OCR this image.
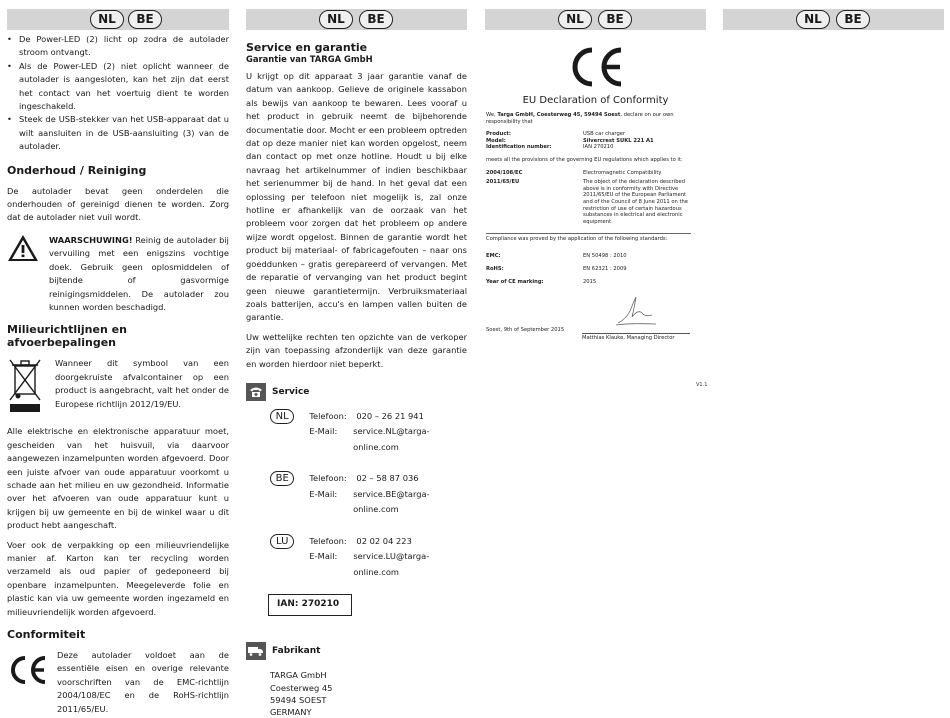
NL	BE
• De Power-LED (2) licht op zodra de autolader stroom ontvangt.
• Als de Power-LED (2) niet oplicht wanneer de autolader is aangesloten, kan het zijn dat eerst het contact van het voertuig dient te worden ingeschakeld.
• Steek de USB-stekker van het USB-apparaat dat u wilt aansluiten in de USB-aansluiting (3) van de autolader.
Onderhoud / Reiniging

De autolader bevat geen onderdelen die onderhouden of gereinigd dienen te worden. Zorg dat de autolader niet vuil wordt.

WAARSCHUWING! Reinig de autolader bij vervuiling met een enigszins vochtige doek. Gebruik geen oplosmiddelen of bijtende of gasvormige reinigingsmiddelen. De autolader zou kunnen worden beschadigd.

Milieurichtlijnen en afvoerbepalingen

Wanneer dit symbool van een doorgekruiste afvalcontainer op een product is aangebracht, valt het onder de Europese richtlijn 2012/19/EU.

Alle elektrische en elektronische apparatuur moet, gescheiden van het huisvuil, via daarvoor aangewezen inzamelpunten worden afgevoerd. Door een juiste afvoer van oude apparatuur voorkomt u schade aan het milieu en uw gezondheid. Informatie over het afvoeren van oude apparatuur kunt u krijgen bij uw gemeente en bij de winkel waar u dit product hebt aangeschaft.

Voer ook de verpakking op een milieuvriendelijke manier af. Karton kan ter recycling worden verzameld als oud papier of gedeponeerd bij openbare inzamelpunten. Meegeleverde folie en plastic kan via uw gemeente worden ingezameld en milieuvriendelijk worden afgevoerd.

Conformiteit

Deze autolader voldoet aan de essentiële eisen en overige relevante voorschriften van de EMC-richtlijn 2004/108/EC en de RoHS-richtlijn 2011/65/EU.

NL	BE
Service en garantie
Garantie van TARGA GmbH

U krijgt op dit apparaat 3 jaar garantie vanaf de datum van aankoop. Gelieve de originele kassabon als bewijs van aankoop te bewaren. Lees vooraf u het product in gebruik neemt de bijbehorende documentatie door. Mocht er een probleem optreden dat op deze manier niet kan worden opgelost, neem dan contact op met onze hotline. Houdt u bij elke navraag het artikelnummer of indien beschikbaar het serienummer bij de hand. In het geval dat een oplossing per telefoon niet mogelijk is, zal onze hotline er afhankelijk van de oorzaak van het probleem voor zorgen dat het probleem op andere wijze wordt opgelost. Binnen de garantie wordt het product bij materiaal- of fabricagefouten – naar ons goeddunken – gratis gerepareerd of vervangen. Met de reparatie of vervanging van het product begint geen nieuwe garantietermijn. Verbruiksmateriaal zoals batterijen, accu's en lampen vallen buiten de garantie.

Uw wettelijke rechten ten opzichte van de verkoper zijn van toepassing afzonderlijk van deze garantie en worden hierdoor niet beperkt.

Service
NL	Telefoon:	020 – 26 21 941
E-Mail:	service.NL@targa-online.com
BE	Telefoon:	02 – 58 87 036
E-Mail:	service.BE@targa-online.com
LU	Telefoon:	02 02 04 223
E-Mail:	service.LU@targa-online.com
IAN: 270210
Fabrikant
TARGA GmbH
Coesterweg 45
59494 SOEST
GERMANY
NL	BE
EU Declaration of Conformity
We, Targa GmbH, Coesterweg 45, 59494 Soest, declare on our own responsibility that
Product:	USB car charger
Model:	Silvercrest SUKL 221 A1
Identification number:	IAN 270210
meets all the provisions of the governing EU regulations which applies to it:
2004/108/EC	Electromagnetic Compatibility
2011/65/EU	The object of the declaration described above is in conformity with Directive 2011/65/EU of the European Parliament and of the Council of 8 June 2011 on the restriction of use of certain hazardous substances in electrical and electronic equipment.
Compliance was proved by the application of the following standards:
EMC:	EN 50498 : 2010
RoHS:	EN 62321 : 2009
Year of CE marking:	2015
Soest, 9th of September 2015
Matthias Klauke, Managing Director
V1.1
NL	BE
